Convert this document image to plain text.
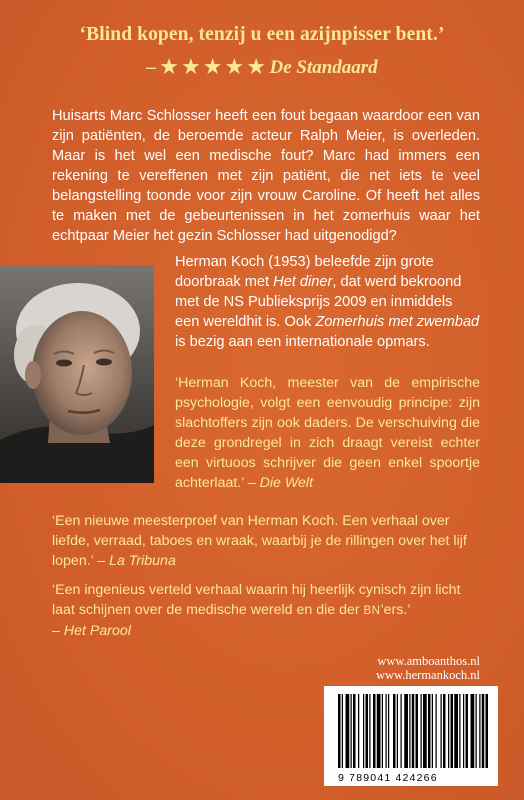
‘Blind kopen, tenzij u een azijnpisser bent.’
– ★ ★ ★ ★ ★ De Standaard
Huisarts Marc Schlosser heeft een fout begaan waardoor een van zijn patiënten, de beroemde acteur Ralph Meier, is overleden. Maar is het wel een medische fout? Marc had immers een rekening te vereffenen met zijn patiënt, die net iets te veel belangstelling toonde voor zijn vrouw Caroline. Of heeft het alles te maken met de gebeurtenissen in het zomerhuis waar het echtpaar Meier het gezin Schlosser had uitgenodigd?
Herman Koch (1953) beleefde zijn grote doorbraak met Het diner, dat werd bekroond met de NS Publieksprijs 2009 en inmiddels een wereldhit is. Ook Zomerhuis met zwembad is bezig aan een internationale opmars.
‘Herman Koch, meester van de empirische psychologie, volgt een eenvoudig principe: zijn slachtoffers zijn ook daders. De verschuiving die deze grondregel in zich draagt vereist echter een virtuoos schrijver die geen enkel spoortje achterlaat.’ – Die Welt
‘Een nieuwe meesterproef van Herman Koch. Een verhaal over liefde, verraad, taboes en wraak, waarbij je de rillingen over het lijf lopen.’ – La Tribuna
‘Een ingenieus verteld verhaal waarin hij heerlijk cynisch zijn licht laat schijnen over de medische wereld en die der BN’ers.’
– Het Parool
www.amboanthos.nl
www.hermankoch.nl
9 789041 424266
